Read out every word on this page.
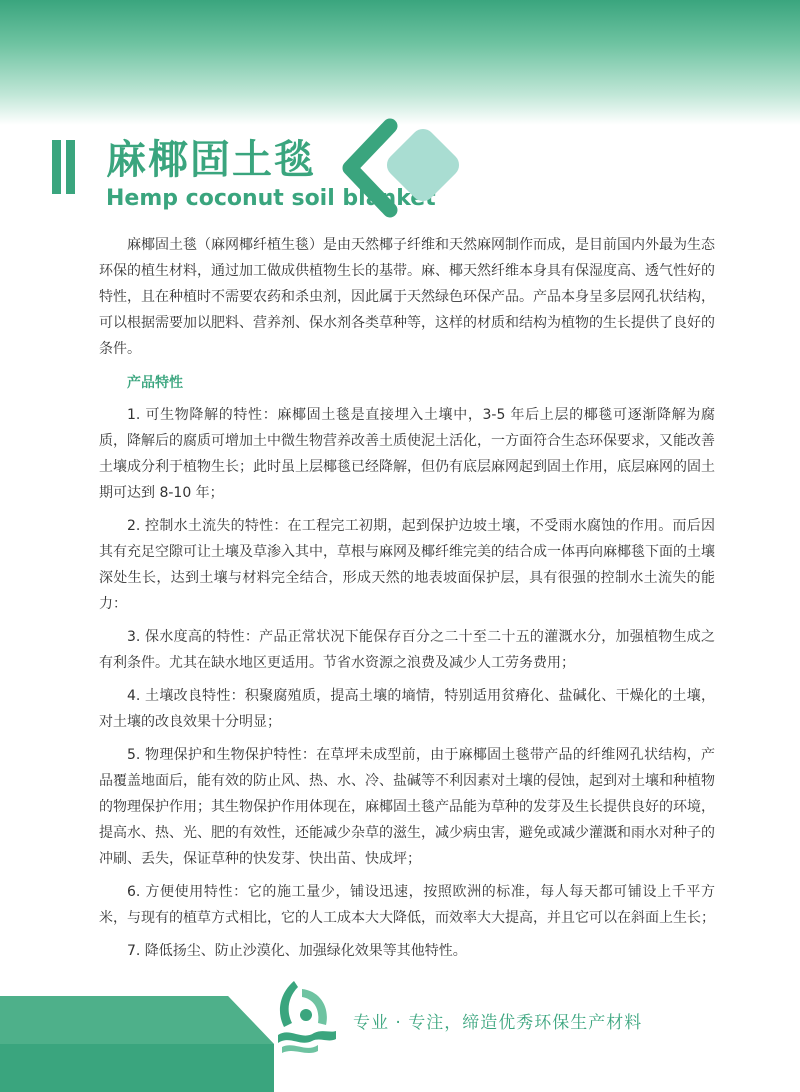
麻椰固土毯
Hemp coconut soil blanket

麻椰固土毯（麻网椰纤植生毯）是由天然椰子纤维和天然麻网制作而成，是目前国内外最为生态环保的植生材料，通过加工做成供植物生长的基带。麻、椰天然纤维本身具有保湿度高、透气性好的特性，且在种植时不需要农药和杀虫剂，因此属于天然绿色环保产品。产品本身呈多层网孔状结构，可以根据需要加以肥料、营养剂、保水剂各类草种等，这样的材质和结构为植物的生长提供了良好的条件。

产品特性

1. 可生物降解的特性：麻椰固土毯是直接埋入土壤中，3-5 年后上层的椰毯可逐渐降解为腐质，降解后的腐质可增加土中微生物营养改善土质使泥土活化，一方面符合生态环保要求，又能改善土壤成分利于植物生长；此时虽上层椰毯已经降解，但仍有底层麻网起到固土作用，底层麻网的固土期可达到 8-10 年；

2. 控制水土流失的特性：在工程完工初期，起到保护边坡土壤，不受雨水腐蚀的作用。而后因其有充足空隙可让土壤及草渗入其中，草根与麻网及椰纤维完美的结合成一体再向麻椰毯下面的土壤深处生长，达到土壤与材料完全结合，形成天然的地表坡面保护层，具有很强的控制水土流失的能力：

3. 保水度高的特性：产品正常状况下能保存百分之二十至二十五的灌溉水分，加强植物生成之有利条件。尤其在缺水地区更适用。节省水资源之浪费及减少人工劳务费用；

4. 土壤改良特性：积聚腐殖质，提高土壤的墒情，特别适用贫瘠化、盐碱化、干燥化的土壤，对土壤的改良效果十分明显；

5. 物理保护和生物保护特性：在草坪未成型前，由于麻椰固土毯带产品的纤维网孔状结构，产品覆盖地面后，能有效的防止风、热、水、冷、盐碱等不利因素对土壤的侵蚀，起到对土壤和种植物的物理保护作用；其生物保护作用体现在，麻椰固土毯产品能为草种的发芽及生长提供良好的环境，提高水、热、光、肥的有效性，还能减少杂草的滋生，减少病虫害，避免或减少灌溉和雨水对种子的冲刷、丢失，保证草种的快发芽、快出苗、快成坪；

6. 方便使用特性：它的施工量少，铺设迅速，按照欧洲的标准，每人每天都可铺设上千平方米，与现有的植草方式相比，它的人工成本大大降低，而效率大大提高，并且它可以在斜面上生长；

7. 降低扬尘、防止沙漠化、加强绿化效果等其他特性。

专业 · 专注，缔造优秀环保生产材料
